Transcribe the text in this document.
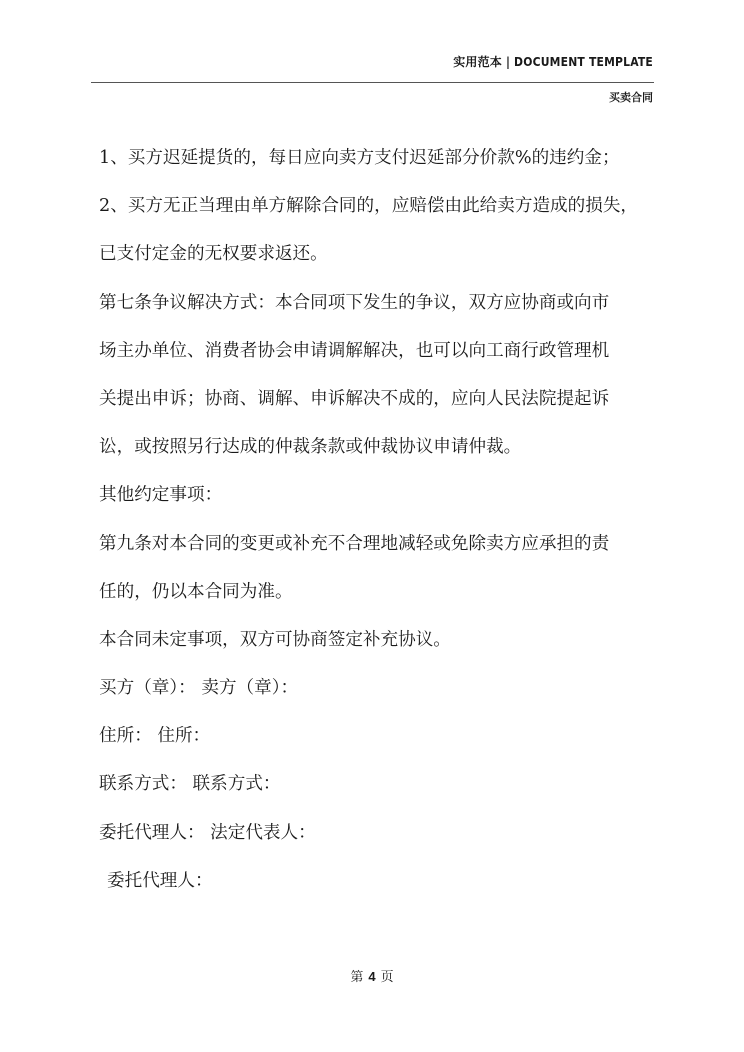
实用范本 | DOCUMENT TEMPLATE
买卖合同
1、买方迟延提货的，每日应向卖方支付迟延部分价款%的违约金；
2、买方无正当理由单方解除合同的，应赔偿由此给卖方造成的损失，
已支付定金的无权要求返还。
第七条争议解决方式：本合同项下发生的争议，双方应协商或向市
场主办单位、消费者协会申请调解解决，也可以向工商行政管理机
关提出申诉；协商、调解、申诉解决不成的，应向人民法院提起诉
讼，或按照另行达成的仲裁条款或仲裁协议申请仲裁。
其他约定事项：
第九条对本合同的变更或补充不合理地减轻或免除卖方应承担的责
任的，仍以本合同为准。
本合同未定事项，双方可协商签定补充协议。
买方（章）： 卖方（章）：
住所： 住所：
联系方式： 联系方式：
委托代理人： 法定代表人：
委托代理人：
第 4 页
